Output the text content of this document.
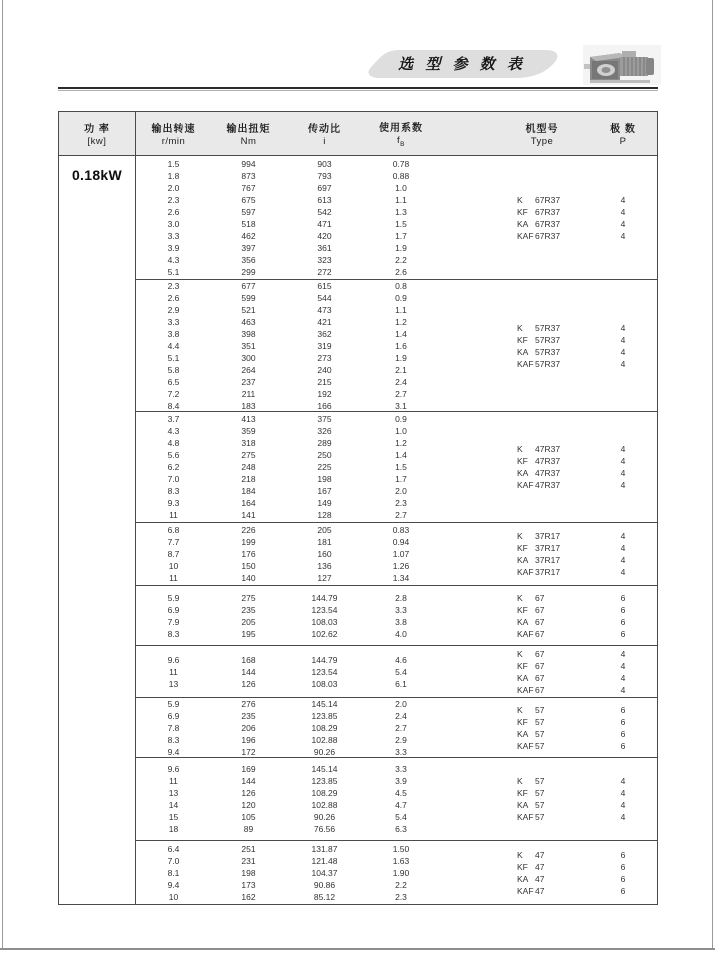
选 型 参 数 表
功 率
[kw]
输出转速
r/min
输出扭矩
Nm
传动比
i
使用系数
$f_B$
机型号
Type
极 数
P
0.18kW
1.5	994	903	0.78
1.8	873	793	0.88
2.0	767	697	1.0
2.3	675	613	1.1
2.6	597	542	1.3
3.0	518	471	1.5
3.3	462	420	1.7
3.9	397	361	1.9
4.3	356	323	2.2
5.1	299	272	2.6
K	67R37	4
KF 67R37	4
KA 67R37	4
KAF 67R37	4
2.3	677	615	0.8
2.6	599	544	0.9
2.9	521	473	1.1
3.3	463	421	1.2
3.8	398	362	1.4
4.4	351	319	1.6
5.1	300	273	1.9
5.8	264	240	2.1
6.5	237	215	2.4
7.2	211	192	2.7
8.4	183	166	3.1
K	57R37	4
KF 57R37	4
KA 57R37	4
KAF 57R37	4
3.7	413	375	0.9
4.3	359	326	1.0
4.8	318	289	1.2
5.6	275	250	1.4
6.2	248	225	1.5
7.0	218	198	1.7
8.3	184	167	2.0
9.3	164	149	2.3
11	141	128	2.7
K	47R37	4
KF 47R37	4
KA 47R37	4
KAF 47R37	4
6.8	226	205	0.83
7.7	199	181	0.94
8.7	176	160	1.07
10	150	136	1.26
11	140	127	1.34
K	37R17	4
KF 37R17	4
KA 37R17	4
KAF 37R17	4
5.9	275	144.79	2.8
6.9	235	123.54	3.3
7.9	205	108.03	3.8
8.3	195	102.62	4.0
K	67	6
KF 67	6
KA 67	6
KAF 67	6
9.6	168	144.79	4.6
11	144	123.54	5.4
13	126	108.03	6.1
K	67	4
KF 67	4
KA 67	4
KAF 67	4
5.9	276	145.14	2.0
6.9	235	123.85	2.4
7.8	206	108.29	2.7
8.3	196	102.88	2.9
9.4	172	90.26	3.3
K	57	6
KF 57	6
KA 57	6
KAF 57	6
9.6	169	145.14	3.3
11	144	123.85	3.9
13	126	108.29	4.5
14	120	102.88	4.7
15	105	90.26	5.4
18	89	76.56	6.3
K	57	4
KF 57	4
KA 57	4
KAF 57	4
6.4	251	131.87	1.50
7.0	231	121.48	1.63
8.1	198	104.37	1.90
9.4	173	90.86	2.2
10	162	85.12	2.3
K	47	6
KF 47	6
KA 47	6
KAF 47	6
